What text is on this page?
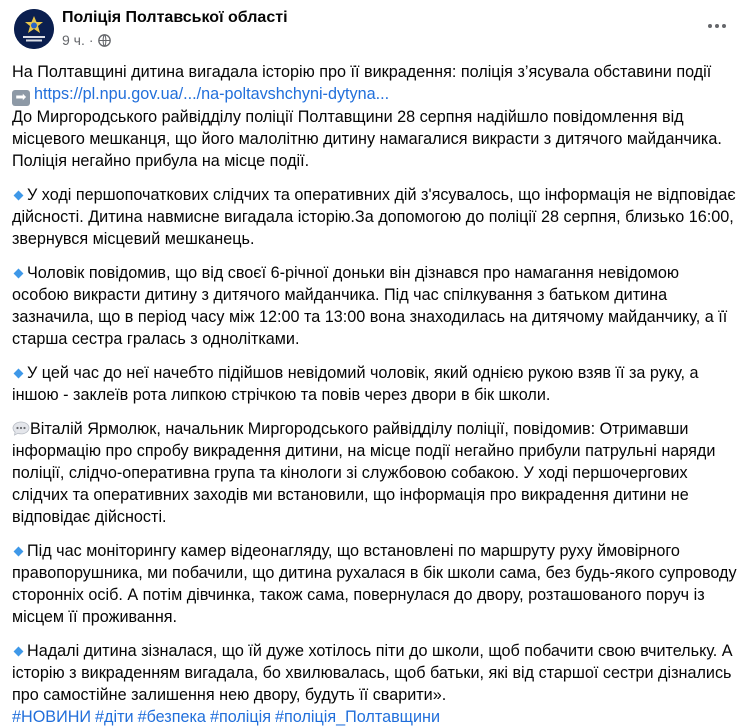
Поліція Полтавської області
9 ч. ·

На Полтавщині дитина вигадала історію про її викрадення: поліція з’ясувала обставини події

➡ https://pl.npu.gov.ua/.../na-poltavshchyni-dytyna...

До Миргородського райвідділу поліції Полтавщини 28 серпня надійшло повідомлення від місцевого мешканця, що його малолітню дитину намагалися викрасти з дитячого майданчика. Поліція негайно прибула на місце події.

У ході першопочаткових слідчих та оперативних дій з'ясувалось, що інформація не відповідає дійсності. Дитина навмисне вигадала історію.За допомогою до поліції 28 серпня, близько 16:00, звернувся місцевий мешканець.

Чоловік повідомив, що від своєї 6-річної доньки він дізнався про намагання невідомою особою викрасти дитину з дитячого майданчика. Під час спілкування з батьком дитина зазначила, що в період часу між 12:00 та 13:00 вона знаходилась на дитячому майданчику, а її старша сестра гралась з однолітками.

У цей час до неї начебто підійшов невідомий чоловік, який однією рукою взяв її за руку, а іншою - заклеїв рота липкою стрічкою та повів через двори в бік школи.

Віталій Ярмолюк, начальник Миргородського райвідділу поліції, повідомив: Отримавши інформацію про спробу викрадення дитини, на місце події негайно прибули патрульні наряди поліції, слідчо-оперативна група та кінологи зі службовою собакою. У ході першочергових слідчих та оперативних заходів ми встановили, що інформація про викрадення дитини не відповідає дійсності.

Під час моніторингу камер відеонагляду, що встановлені по маршруту руху ймовірного правопорушника, ми побачили, що дитина рухалася в бік школи сама, без будь-якого супроводу сторонніх осіб. А потім дівчинка, також сама, повернулася до двору, розташованого поруч із місцем її проживання.

Надалі дитина зізналася, що їй дуже хотілось піти до школи, щоб побачити свою вчительку. А історію з викраденням вигадала, бо хвилювалась, щоб батьки, які від старшої сестри дізнались про самостійне залишення нею двору, будуть її сварити».

#НОВИНИ #діти #безпека #поліція #поліція_Полтавщини
